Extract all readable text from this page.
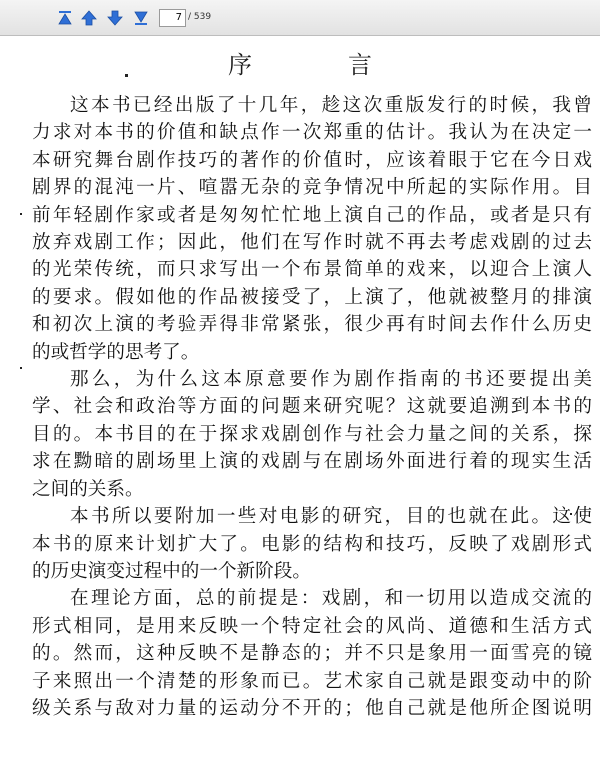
7 / 539
序　言
这本书已经出版了十几年，趁这次重版发行的时候，我曾
力求对本书的价值和缺点作一次郑重的估计。我认为在决定一
本研究舞台剧作技巧的著作的价值时，应该着眼于它在今日戏
剧界的混沌一片、喧嚣无杂的竞争情况中所起的实际作用。目
前年轻剧作家或者是匆匆忙忙地上演自己的作品，或者是只有
放弃戏剧工作；因此，他们在写作时就不再去考虑戏剧的过去
的光荣传统，而只求写出一个布景简单的戏来，以迎合上演人
的要求。假如他的作品被接受了，上演了，他就被整月的排演
和初次上演的考验弄得非常紧张，很少再有时间去作什么历史
的或哲学的思考了。
那么，为什么这本原意要作为剧作指南的书还要提出美
学、社会和政治等方面的问题来研究呢？这就要追溯到本书的
目的。本书目的在于探求戏剧创作与社会力量之间的关系，探
求在黝暗的剧场里上演的戏剧与在剧场外面进行着的现实生活
之间的关系。
本书所以要附加一些对电影的研究，目的也就在此。这使
本书的原来计划扩大了。电影的结构和技巧，反映了戏剧形式
的历史演变过程中的一个新阶段。
在理论方面，总的前提是：戏剧，和一切用以造成交流的
形式相同，是用来反映一个特定社会的风尚、道德和生活方式
的。然而，这种反映不是静态的；并不只是象用一面雪亮的镜
子来照出一个清楚的形象而已。艺术家自己就是跟变动中的阶
级关系与敌对力量的运动分不开的；他自己就是他所企图说明
